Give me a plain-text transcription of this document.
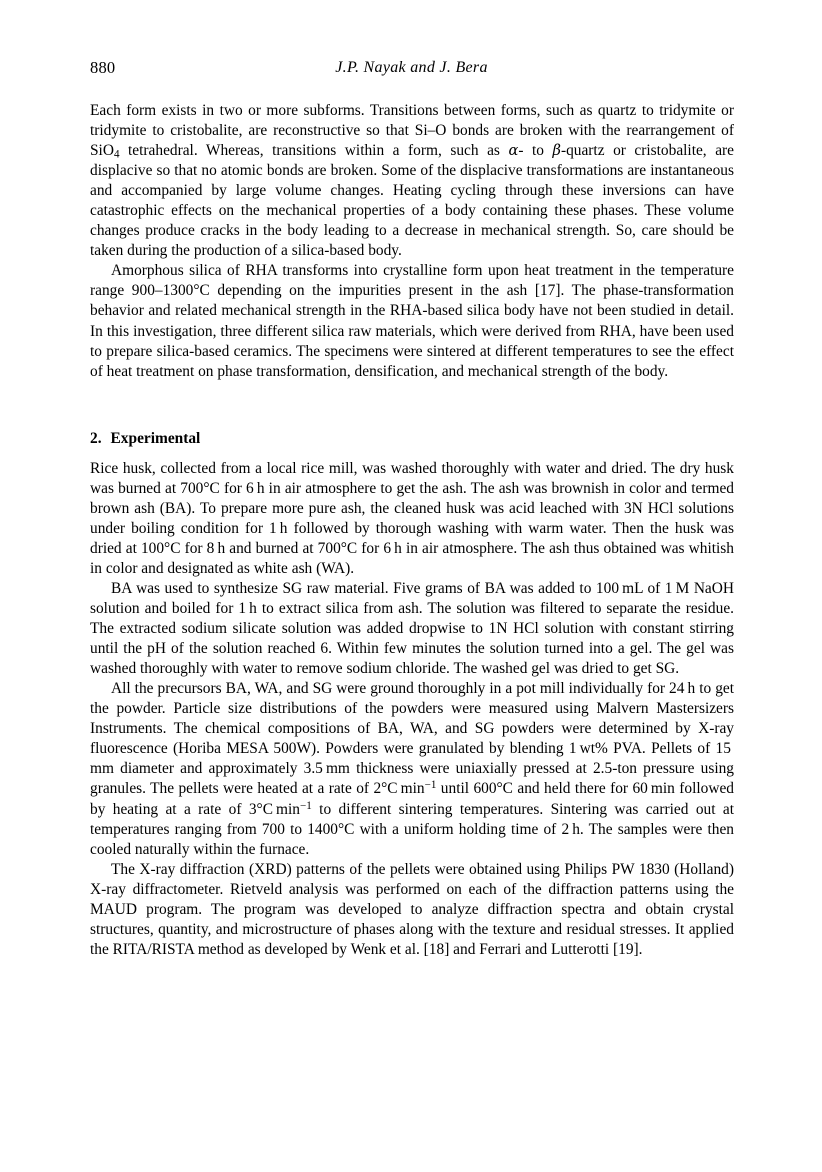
880	J.P. Nayak and J. Bera

Each form exists in two or more subforms. Transitions between forms, such as quartz to tridymite or tridymite to cristobalite, are reconstructive so that Si–O bonds are broken with the rearrangement of SiO$_4$ tetrahedral. Whereas, transitions within a form, such as α- to β-quartz or cristobalite, are displacive so that no atomic bonds are broken. Some of the displacive transformations are instantaneous and accompanied by large volume changes. Heating cycling through these inversions can have catastrophic effects on the mechanical properties of a body containing these phases. These volume changes produce cracks in the body leading to a decrease in mechanical strength. So, care should be taken during the production of a silica-based body.

Amorphous silica of RHA transforms into crystalline form upon heat treatment in the temperature range 900–1300°C depending on the impurities present in the ash [17]. The phase-transformation behavior and related mechanical strength in the RHA-based silica body have not been studied in detail. In this investigation, three different silica raw materials, which were derived from RHA, have been used to prepare silica-based ceramics. The specimens were sintered at different temperatures to see the effect of heat treatment on phase transformation, densification, and mechanical strength of the body.

2. Experimental

Rice husk, collected from a local rice mill, was washed thoroughly with water and dried. The dry husk was burned at 700°C for 6 h in air atmosphere to get the ash. The ash was brownish in color and termed brown ash (BA). To prepare more pure ash, the cleaned husk was acid leached with 3N HCl solutions under boiling condition for 1 h followed by thorough washing with warm water. Then the husk was dried at 100°C for 8 h and burned at 700°C for 6 h in air atmosphere. The ash thus obtained was whitish in color and designated as white ash (WA).

BA was used to synthesize SG raw material. Five grams of BA was added to 100 mL of 1 M NaOH solution and boiled for 1 h to extract silica from ash. The solution was filtered to separate the residue. The extracted sodium silicate solution was added dropwise to 1N HCl solution with constant stirring until the pH of the solution reached 6. Within few minutes the solution turned into a gel. The gel was washed thoroughly with water to remove sodium chloride. The washed gel was dried to get SG.

All the precursors BA, WA, and SG were ground thoroughly in a pot mill individually for 24 h to get the powder. Particle size distributions of the powders were measured using Malvern Mastersizers Instruments. The chemical compositions of BA, WA, and SG powders were determined by X-ray fluorescence (Horiba MESA 500W). Powders were granulated by blending 1 wt% PVA. Pellets of 15 mm diameter and approximately 3.5 mm thickness were uniaxially pressed at 2.5-ton pressure using granules. The pellets were heated at a rate of 2°C $\min^{-1}$ until 600°C and held there for 60 min followed by heating at a rate of 3°C $\min^{-1}$ to different sintering temperatures. Sintering was carried out at temperatures ranging from 700 to 1400°C with a uniform holding time of 2 h. The samples were then cooled naturally within the furnace.

The X-ray diffraction (XRD) patterns of the pellets were obtained using Philips PW 1830 (Holland) X-ray diffractometer. Rietveld analysis was performed on each of the diffraction patterns using the MAUD program. The program was developed to analyze diffraction spectra and obtain crystal structures, quantity, and microstructure of phases along with the texture and residual stresses. It applied the RITA/RISTA method as developed by Wenk et al. [18] and Ferrari and Lutterotti [19].
